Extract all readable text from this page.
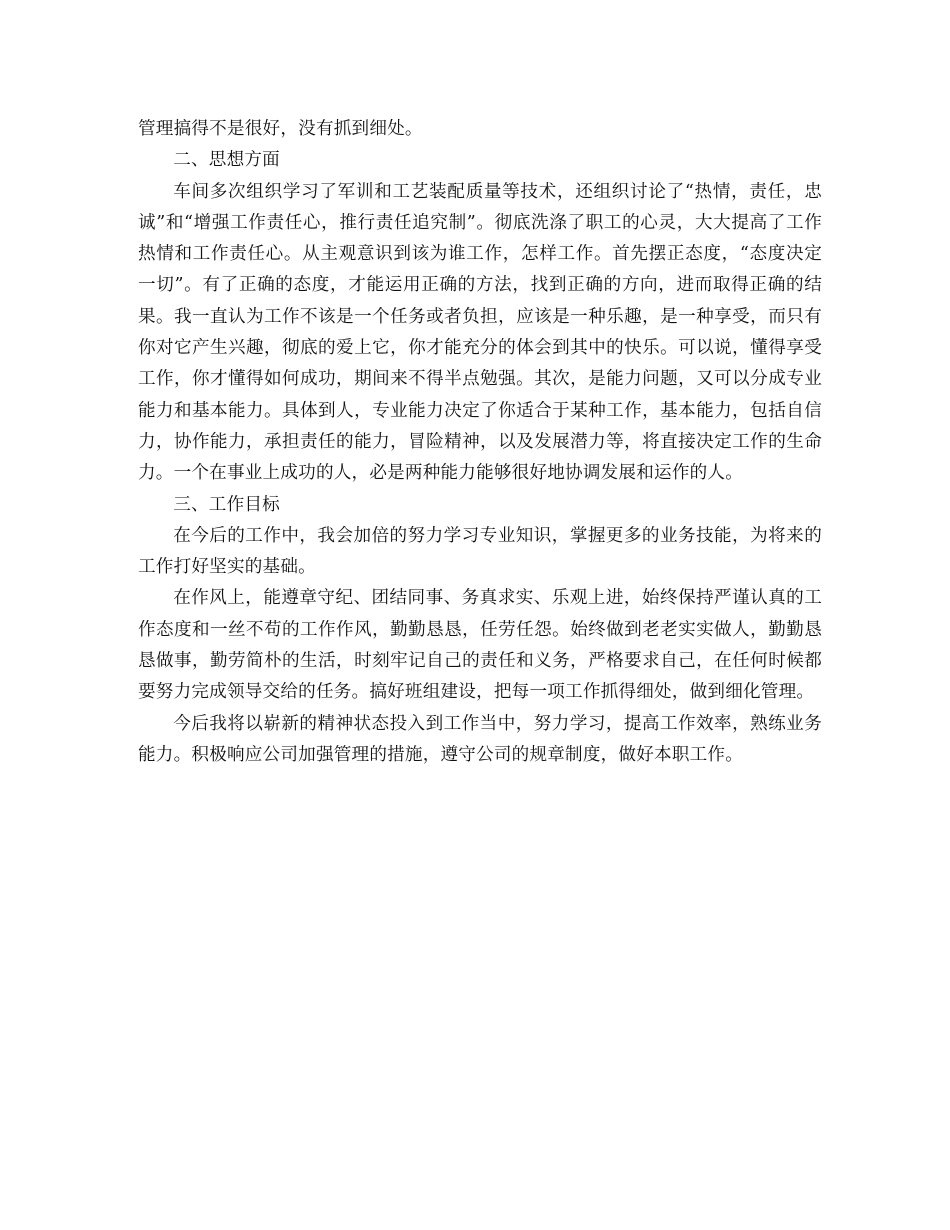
管理搞得不是很好，没有抓到细处。

二、思想方面

车间多次组织学习了军训和工艺装配质量等技术，还组织讨论了“热情，责任，忠诚”和“增强工作责任心，推行责任追究制”。彻底洗涤了职工的心灵，大大提高了工作热情和工作责任心。从主观意识到该为谁工作，怎样工作。首先摆正态度，“态度决定一切”。有了正确的态度，才能运用正确的方法，找到正确的方向，进而取得正确的结果。我一直认为工作不该是一个任务或者负担，应该是一种乐趣，是一种享受，而只有你对它产生兴趣，彻底的爱上它，你才能充分的体会到其中的快乐。可以说，懂得享受工作，你才懂得如何成功，期间来不得半点勉强。其次，是能力问题，又可以分成专业能力和基本能力。具体到人，专业能力决定了你适合于某种工作，基本能力，包括自信力，协作能力，承担责任的能力，冒险精神，以及发展潜力等，将直接决定工作的生命力。一个在事业上成功的人，必是两种能力能够很好地协调发展和运作的人。

三、工作目标

在今后的工作中，我会加倍的努力学习专业知识，掌握更多的业务技能，为将来的工作打好坚实的基础。

在作风上，能遵章守纪、团结同事、务真求实、乐观上进，始终保持严谨认真的工作态度和一丝不苟的工作作风，勤勤恳恳，任劳任怨。始终做到老老实实做人，勤勤恳恳做事，勤劳简朴的生活，时刻牢记自己的责任和义务，严格要求自己，在任何时候都要努力完成领导交给的任务。搞好班组建设，把每一项工作抓得细处，做到细化管理。

今后我将以崭新的精神状态投入到工作当中，努力学习，提高工作效率，熟练业务能力。积极响应公司加强管理的措施，遵守公司的规章制度，做好本职工作。
